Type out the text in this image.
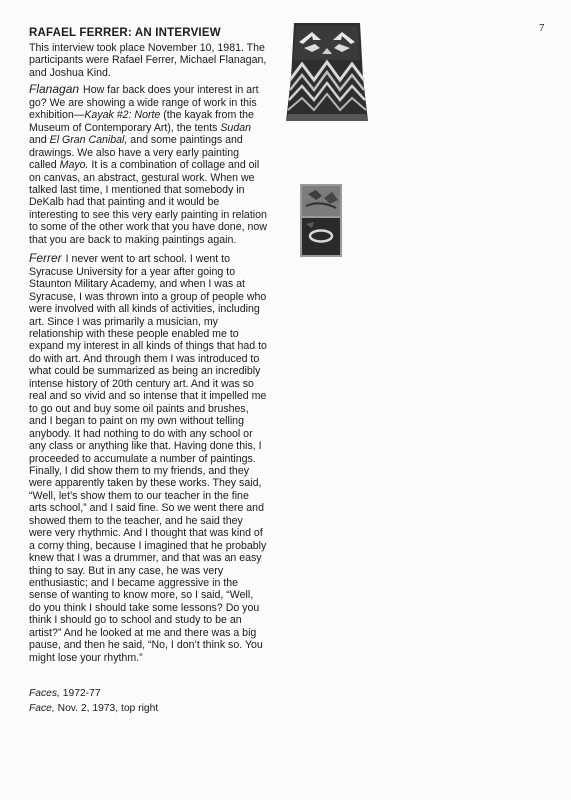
7
RAFAEL FERRER: AN INTERVIEW

This interview took place November 10, 1981. The participants were Rafael Ferrer, Michael Flanagan, and Joshua Kind.

Flanagan How far back does your interest in art go? We are showing a wide range of work in this exhibition—Kayak #2: Norte (the kayak from the Museum of Contemporary Art), the tents Sudan and El Gran Canibal, and some paintings and drawings. We also have a very early painting called Mayo. It is a combination of collage and oil on canvas, an abstract, gestural work. When we talked last time, I mentioned that somebody in DeKalb had that painting and it would be interesting to see this very early painting in relation to some of the other work that you have done, now that you are back to making paintings again.

Ferrer I never went to art school. I went to Syracuse University for a year after going to Staunton Military Academy, and when I was at Syracuse, I was thrown into a group of people who were involved with all kinds of activities, including art. Since I was primarily a musician, my relationship with these people enabled me to expand my interest in all kinds of things that had to do with art. And through them I was introduced to what could be summarized as being an incredibly intense history of 20th century art. And it was so real and so vivid and so intense that it impelled me to go out and buy some oil paints and brushes, and I began to paint on my own without telling anybody. It had nothing to do with any school or any class or anything like that. Having done this, I proceeded to accumulate a number of paintings. Finally, I did show them to my friends, and they were apparently taken by these works. They said, “Well, let’s show them to our teacher in the fine arts school,” and I said fine. So we went there and showed them to the teacher, and he said they were very rhythmic. And I thought that was kind of a corny thing, because I imagined that he probably knew that I was a drummer, and that was an easy thing to say. But in any case, he was very enthusiastic; and I became aggressive in the sense of wanting to know more, so I said, “Well, do you think I should take some lessons? Do you think I should go to school and study to be an artist?” And he looked at me and there was a big pause, and then he said, “No, I don’t think so. You might lose your rhythm.”

Faces, 1972-77
Face, Nov. 2, 1973, top right
